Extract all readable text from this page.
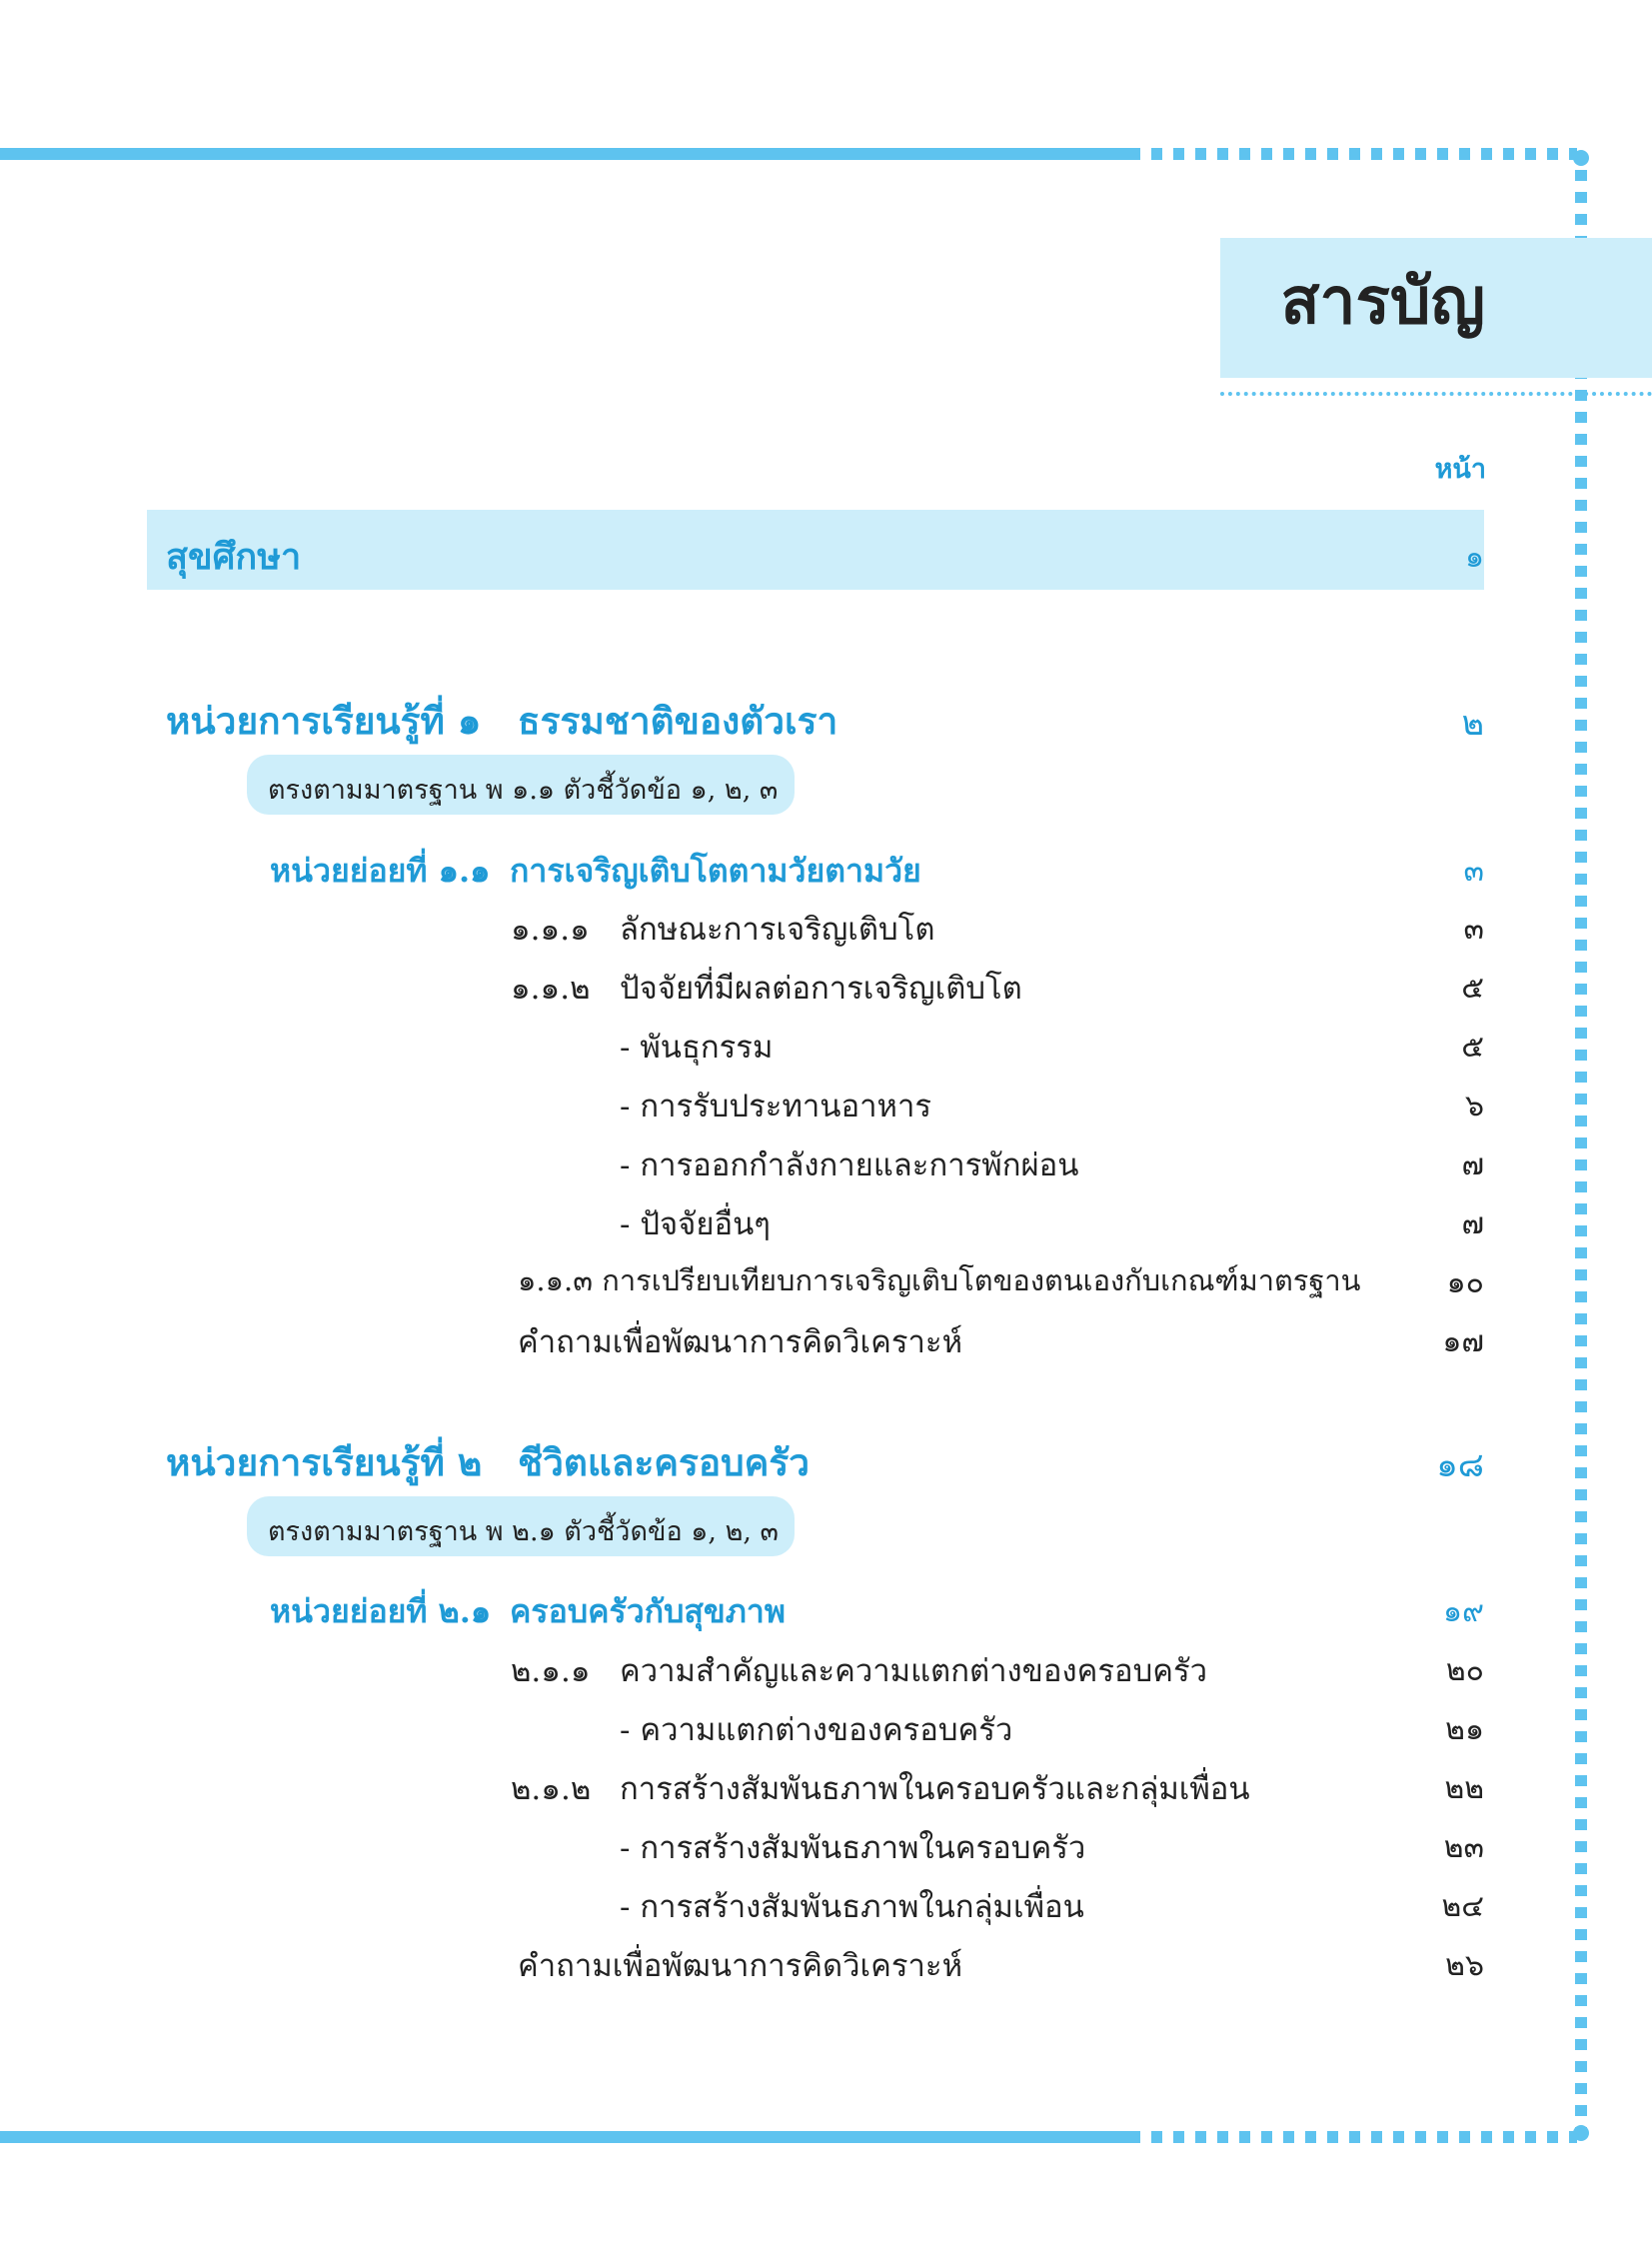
สารบัญ
หน้า
สุขศึกษา	๑
หน่วยการเรียนรู้ที่ ๑ ธรรมชาติของตัวเรา	๒
ตรงตามมาตรฐาน พ ๑.๑ ตัวชี้วัดข้อ ๑, ๒, ๓
หน่วยย่อยที่ ๑.๑ การเจริญเติบโตตามวัยตามวัย	๓
๑.๑.๑ ลักษณะการเจริญเติบโต	๓
๑.๑.๒ ปัจจัยที่มีผลต่อการเจริญเติบโต	๕
- พันธุกรรม	๕
- การรับประทานอาหาร	๖
- การออกกำลังกายและการพักผ่อน	๗
- ปัจจัยอื่นๆ	๗
๑.๑.๓ การเปรียบเทียบการเจริญเติบโตของตนเองกับเกณฑ์มาตรฐาน	๑๐
คำถามเพื่อพัฒนาการคิดวิเคราะห์	๑๗
หน่วยการเรียนรู้ที่ ๒ ชีวิตและครอบครัว	๑๘
ตรงตามมาตรฐาน พ ๒.๑ ตัวชี้วัดข้อ ๑, ๒, ๓
หน่วยย่อยที่ ๒.๑ ครอบครัวกับสุขภาพ	๑๙
๒.๑.๑ ความสำคัญและความแตกต่างของครอบครัว	๒๐
- ความแตกต่างของครอบครัว	๒๑
๒.๑.๒ การสร้างสัมพันธภาพในครอบครัวและกลุ่มเพื่อน	๒๒
- การสร้างสัมพันธภาพในครอบครัว	๒๓
- การสร้างสัมพันธภาพในกลุ่มเพื่อน	๒๔
คำถามเพื่อพัฒนาการคิดวิเคราะห์	๒๖
